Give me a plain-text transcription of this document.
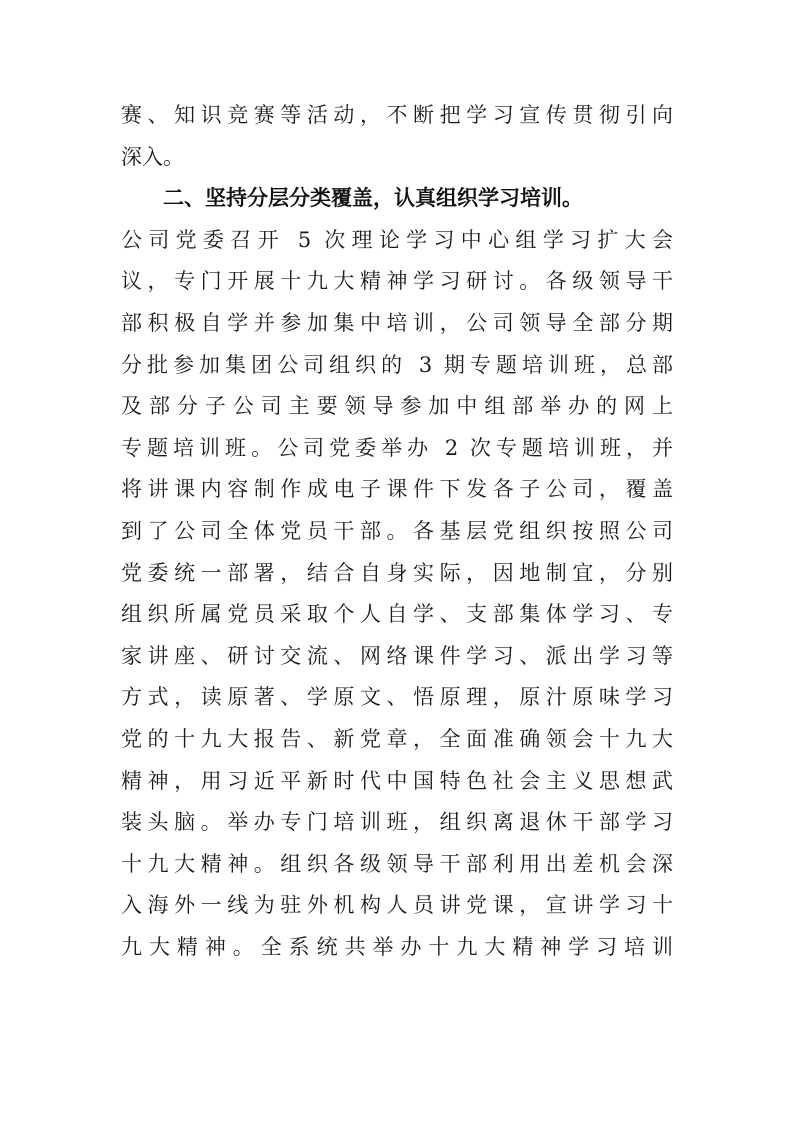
赛、知识竞赛等活动，不断把学习宣传贯彻引向
深入。
二、坚持分层分类覆盖，认真组织学习培训。
公司党委召开 5 次理论学习中心组学习扩大会
议，专门开展十九大精神学习研讨。各级领导干
部积极自学并参加集中培训，公司领导全部分期
分批参加集团公司组织的 3 期专题培训班，总部
及部分子公司主要领导参加中组部举办的网上
专题培训班。公司党委举办 2 次专题培训班，并
将讲课内容制作成电子课件下发各子公司，覆盖
到了公司全体党员干部。各基层党组织按照公司
党委统一部署，结合自身实际，因地制宜，分别
组织所属党员采取个人自学、支部集体学习、专
家讲座、研讨交流、网络课件学习、派出学习等
方式，读原著、学原文、悟原理，原汁原味学习
党的十九大报告、新党章，全面准确领会十九大
精神，用习近平新时代中国特色社会主义思想武
装头脑。举办专门培训班，组织离退休干部学习
十九大精神。组织各级领导干部利用出差机会深
入海外一线为驻外机构人员讲党课，宣讲学习十
九大精神。全系统共举办十九大精神学习培训
